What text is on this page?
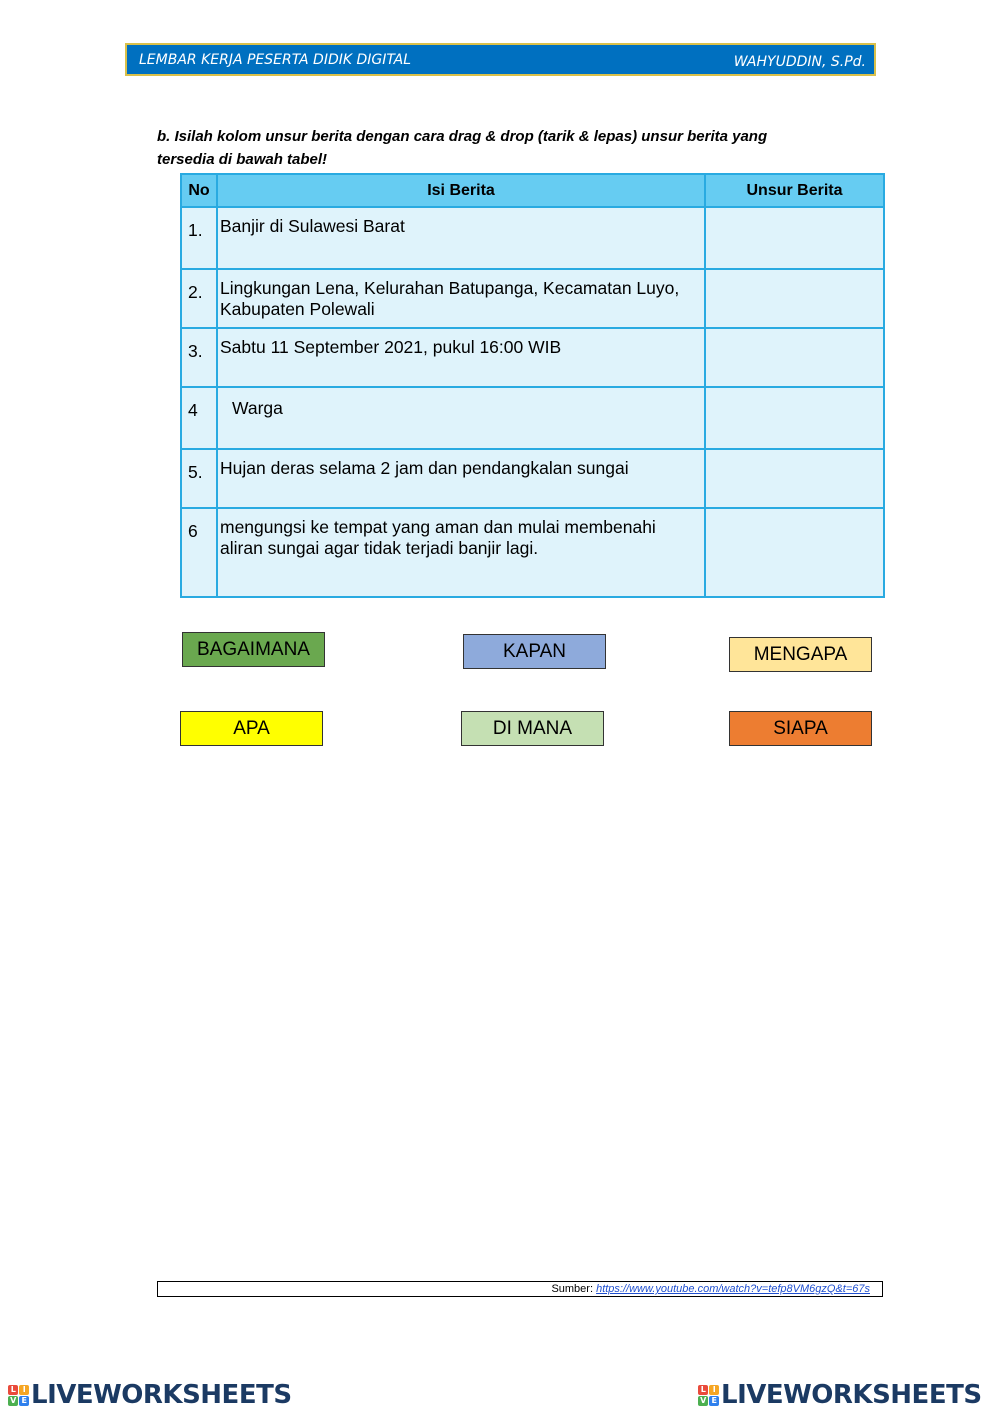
LEMBAR KERJA PESERTA DIDIK DIGITAL	WAHYUDDIN, S.Pd.
b. Isilah kolom unsur berita dengan cara drag & drop (tarik & lepas) unsur berita yang
tersedia di bawah tabel!
No	Isi Berita	Unsur Berita
1.	Banjir di Sulawesi Barat	
2.	Lingkungan Lena, Kelurahan Batupanga, Kecamatan Luyo, Kabupaten Polewali	
3.	Sabtu 11 September 2021, pukul 16:00 WIB	
4	Warga	
5.	Hujan deras selama 2 jam dan pendangkalan sungai	
6	mengungsi ke tempat yang aman dan mulai membenahi aliran sungai agar tidak terjadi banjir lagi.	
BAGAIMANA	KAPAN	MENGAPA
APA	DI MANA	SIAPA
Sumber: https://www.youtube.com/watch?v=tefp8VM6gzQ&t=67s
L I
V E LIVEWORKSHEETS	L I
V E LIVEWORKSHEETS
